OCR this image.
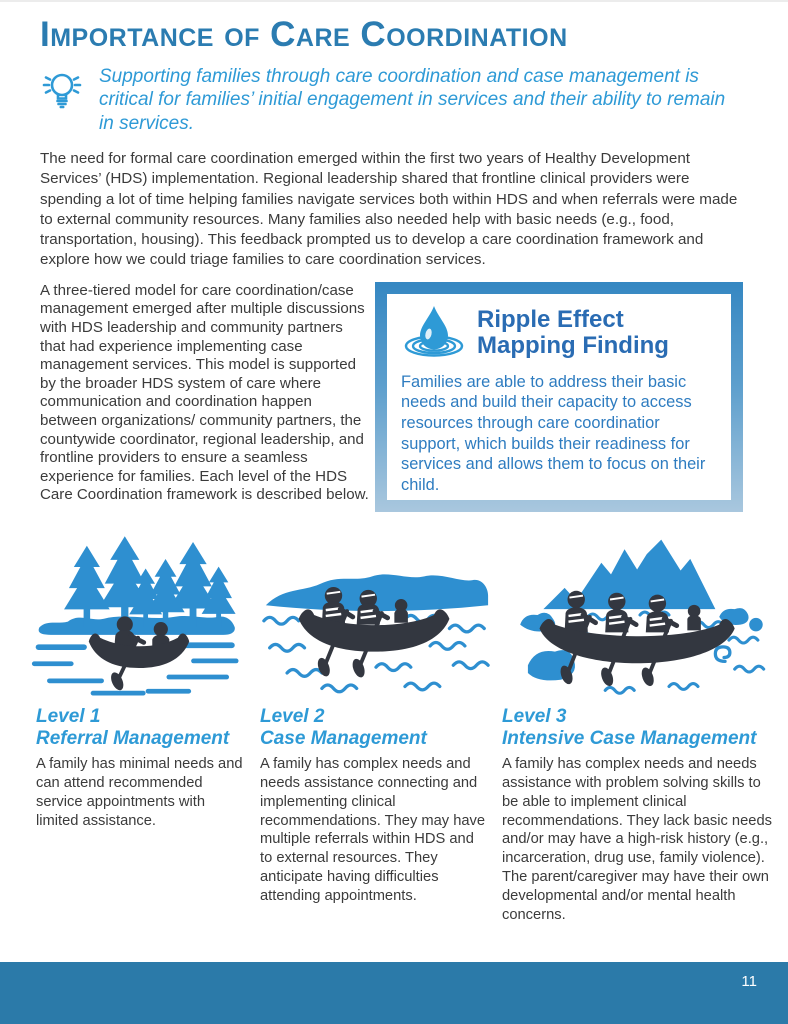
Importance of Care Coordination

Supporting families through care coordination and case management is critical for families’ initial engagement in services and their ability to remain in services.

The need for formal care coordination emerged within the first two years of Healthy Development Services’ (HDS) implementation. Regional leadership shared that frontline clinical providers were spending a lot of time helping families navigate services both within HDS and when referrals were made to external community resources. Many families also needed help with basic needs (e.g., food, transportation, housing). This feedback prompted us to develop a care coordination framework and explore how we could triage families to care coordination services.

A three-tiered model for care coordination/case management emerged after multiple discussions with HDS leadership and community partners that had experience implementing case management services. This model is supported by the broader HDS system of care where communication and coordination happen between organizations/ community partners, the countywide coordinator, regional leadership, and frontline providers to ensure a seamless experience for families. Each level of the HDS Care Coordination framework is described below.

Ripple Effect Mapping Finding

Families are able to address their basic needs and build their capacity to access resources through care coordinatior support, which builds their readiness for services and allows them to focus on their child.

Level 1
Referral Management

A family has minimal needs and can attend recommended service appointments with limited assistance.

Level 2
Case Management

A family has complex needs and needs assistance connecting and implementing clinical recommendations. They may have multiple referrals within HDS and to external resources. They anticipate having difficulties attending appointments.

Level 3
Intensive Case Management

A family has complex needs and needs assistance with problem solving skills to be able to implement clinical recommendations. They lack basic needs and/or may have a high-risk history (e.g., incarceration, drug use, family violence). The parent/caregiver may have their own developmental and/or mental health concerns.

11
